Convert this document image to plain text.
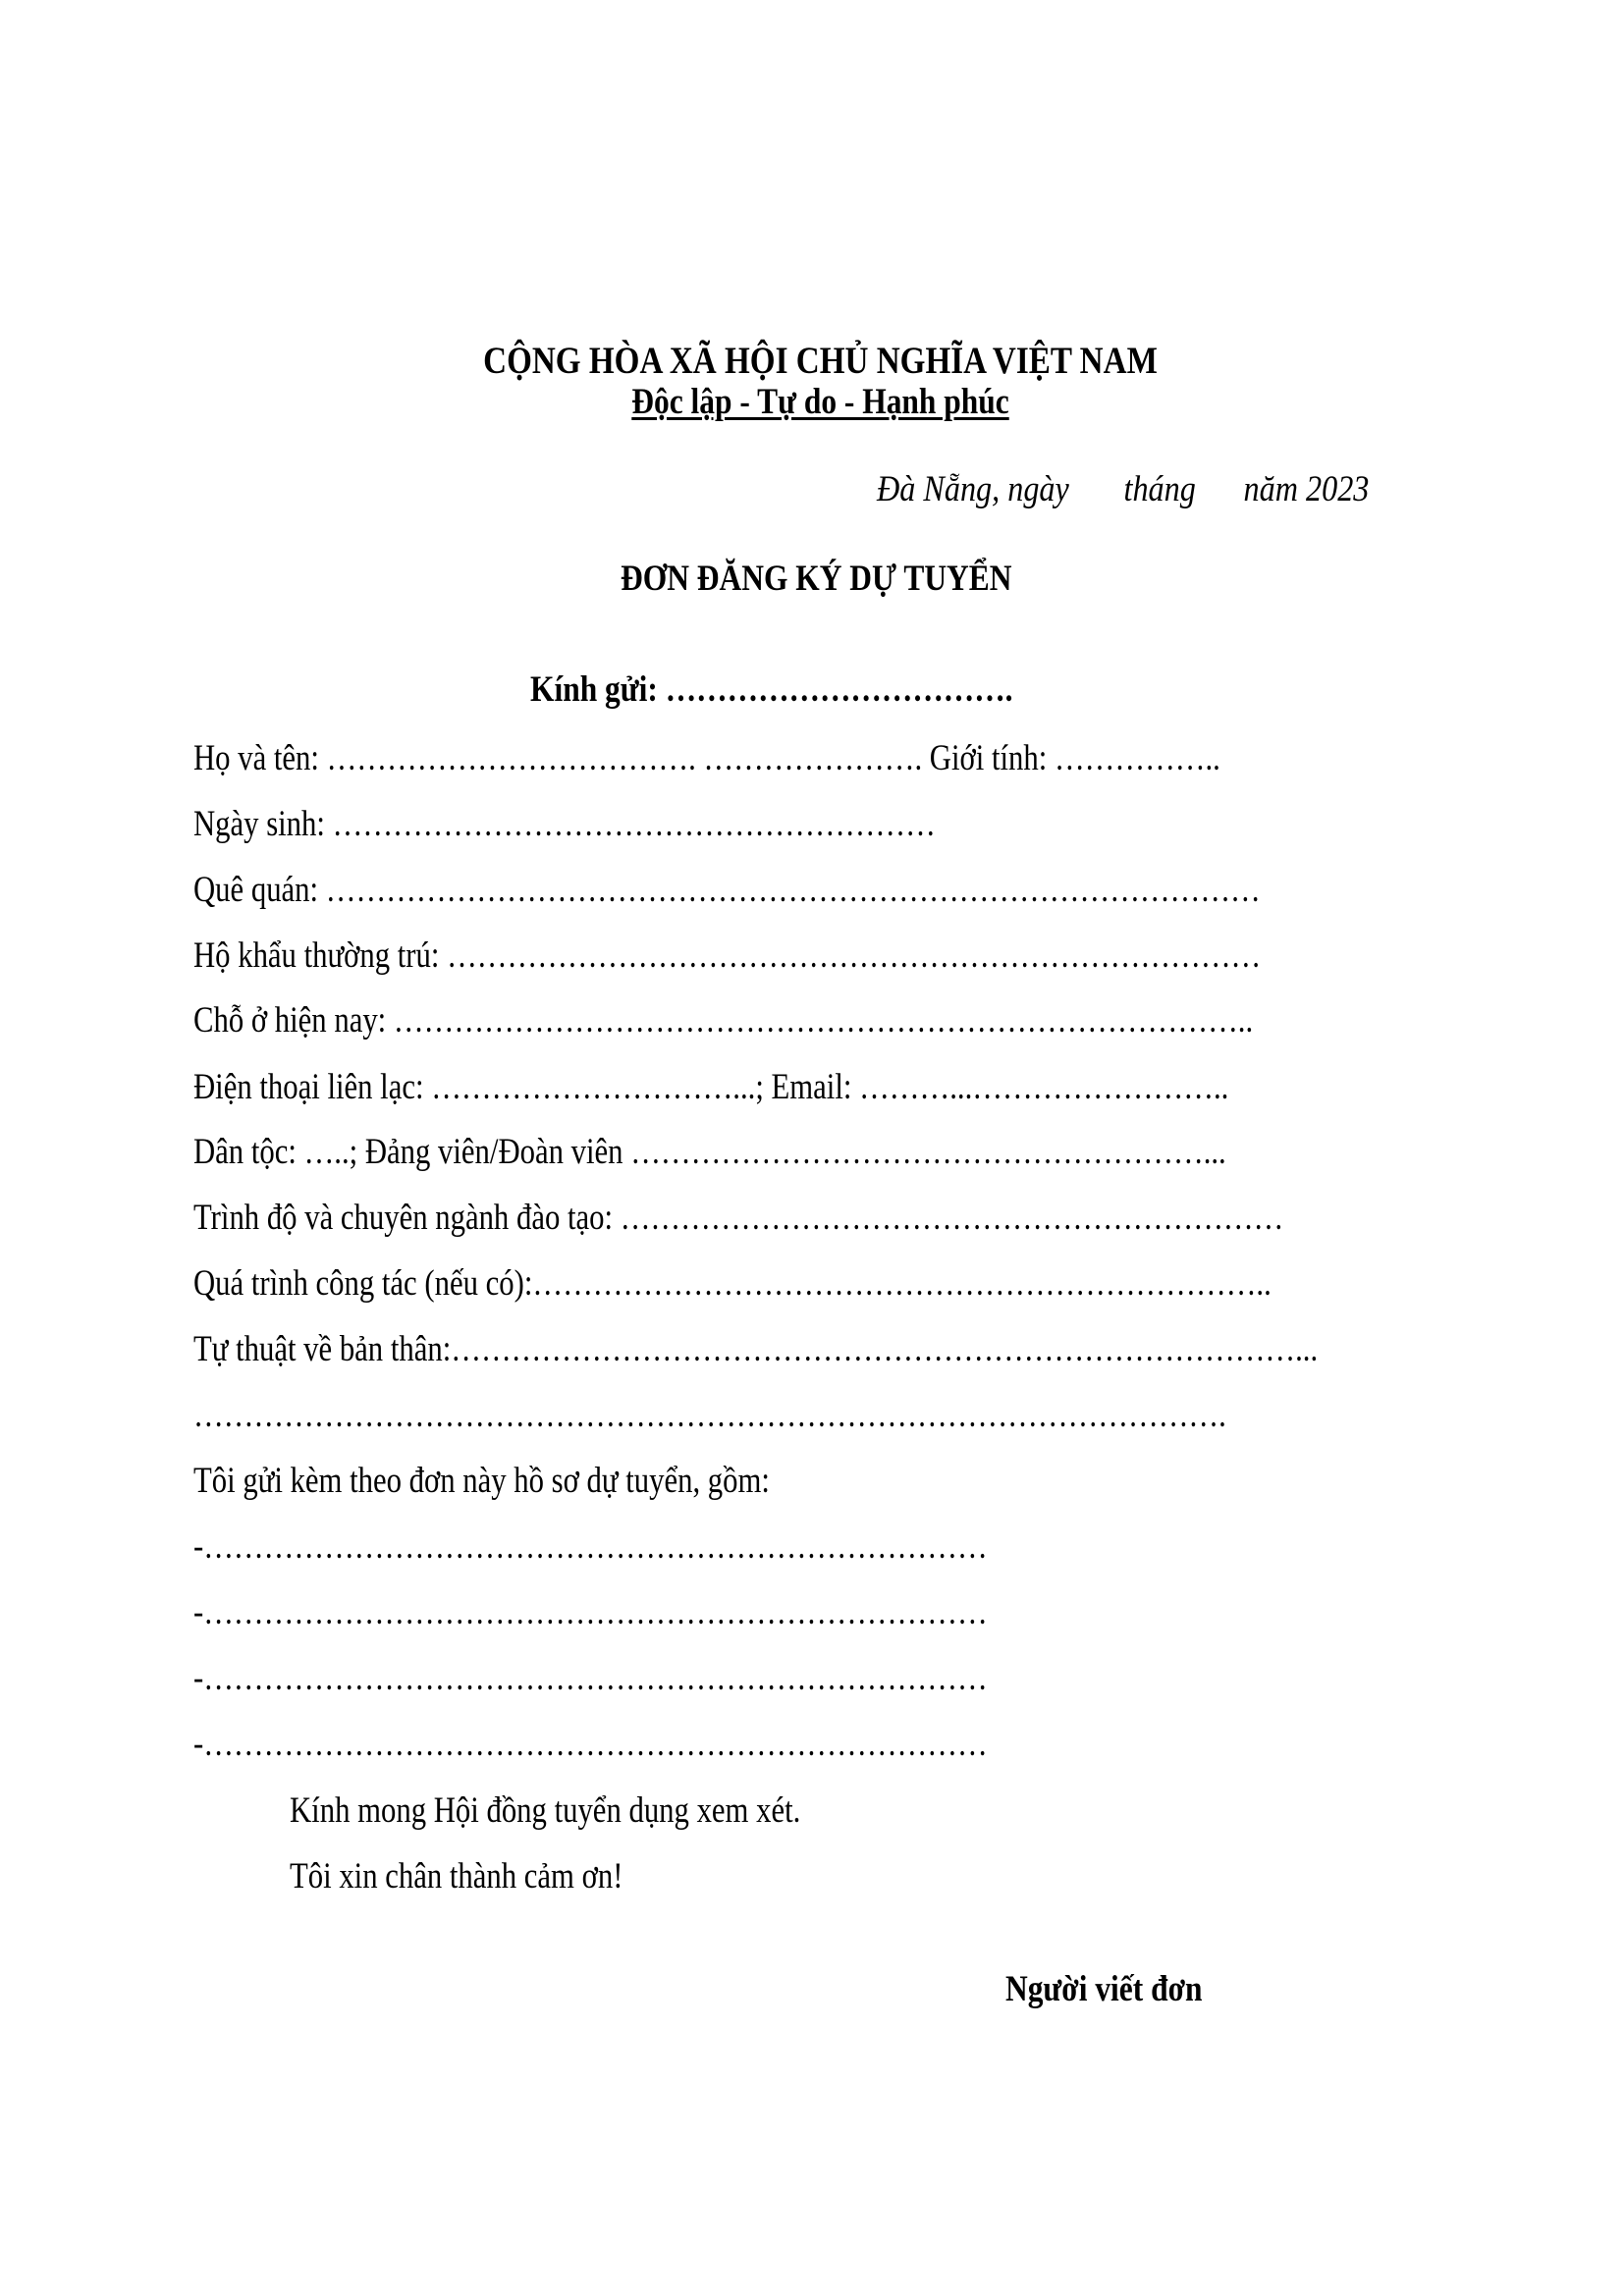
CỘNG HÒA XÃ HỘI CHỦ NGHĨA VIỆT NAM
Độc lập - Tự do - Hạnh phúc
Đà Nẵng, ngày tháng năm 2023
ĐƠN ĐĂNG KÝ DỰ TUYỂN
Kính gửi: …………………………….
Họ và tên: ………………………………. …………………. Giới tính: ……………..
Ngày sinh: ……………………………………………………
Quê quán: …………………………………………………………………………………
Hộ khẩu thường trú: ………………………………………………………………………
Chỗ ở hiện nay: …………………………………………………………………………..
Điện thoại liên lạc: …………………………...; Email: ………...……………………..
Dân tộc: …..; Đảng viên/Đoàn viên …………………………………………………...
Trình độ và chuyên ngành đào tạo: …………………………………………………………
Quá trình công tác (nếu có):………………………………………………………………..
Tự thuật về bản thân:…………………………………………………………………………...
………………………………………………………………………………………….
Tôi gửi kèm theo đơn này hồ sơ dự tuyển, gồm:
-……………………………………………………………………
-……………………………………………………………………
-……………………………………………………………………
-……………………………………………………………………
Kính mong Hội đồng tuyển dụng xem xét.
Tôi xin chân thành cảm ơn!
Người viết đơn
